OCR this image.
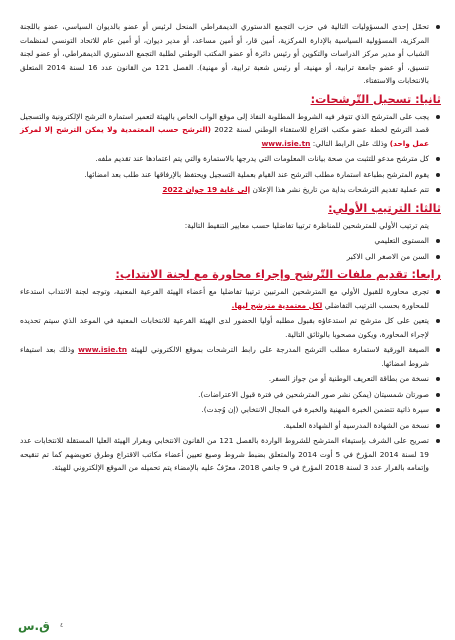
تحمّل إحدى المسؤوليات التالية في حزب التجمع الدستوري الديمقراطي المنحل لرئيس أو عضو بالديوان السياسي، عضو باللجنة المركزية، المسؤولية السياسية بالإدارة المركزية، أمين قار، أو أمين مساعد، أو مدير ديوان، أو أمين عام للاتحاد التونسي لمنظمات الشباب أو مدير مركز الدراسات والتكوين أو رئيس دائرة أو عضو المكتب الوطني لطلبة التجمع الدستوري الديمقراطي، أو عضو لجنة تنسيق، أو عضو جامعة ترابية، أو مهنية، أو رئيس شعبة ترابية، أو مهنية). الفصل 121 من القانون عدد 16 لسنة 2014 المتعلق بالانتخابات والاستفتاء.
ثانيا: تسجيل التّرشحات:
يجب على المترشح الذي تتوفر فيه الشروط المطلوبة النفاذ إلى موقع الواب الخاص بالهيئة لتعمير استمارة الترشح الإلكترونية والتسجيل قصد الترشح لخطة عضو مكتب اقتراع للاستفتاء الوطني لسنة 2022 (الترشح حسب المعتمدية ولا يمكن الترشح إلا لمركز عمل واحد) وذلك على الرابط التالي: www.isie.tn
كل مترشح مدعو للتثبت من صحة بيانات المعلومات التي يدرجها بالاستمارة والتي يتم اعتمادها عند تقديم ملفه.
يقوم المترشح بطباعة استمارة مطلب الترشح عند القيام بعملية التسجيل ويحتفظ بالإرفاقها عند طلب بعد امضائها.
تتم عملية تقديم الترشحات بداية من تاريخ نشر هذا الإعلان إلى غاية 19 جوان 2022
ثالثا: الترتيب الأولي:
يتم ترتيب الأولي للمترشحين للمناظرة ترتيبا تفاضليا حسب معايير التنقيط التالية:
المستوى التعليمي
السن من الاصغر الى الاكبر
رابعا: تقديم ملفات التّرشح وإجراء محاورة مع لجنة الانتداب:
تجرى محاورة للقبول الأولي مع المترشحين المرتبين ترتيبا تفاضليا مع أعضاء الهيئة الفرعية المعنية، وتوجه لجنة الانتداب استدعاء للمحاورة بحسب الترتيب التفاضلي لكل معتمدية مترشح ليها.
يتعين على كل مترشح تم استدعاؤه بقبول مطلبه أوليا الحضور لدى الهيئة الفرعية للانتخابات المعنية في الموعد الذي سيتم تحديده لإجراء المحاورة، ويكون مصحوبا بالوثائق التالية.
الصيغة الورقية لاستمارة مطلب الترشح المدرجة على رابط الترشحات بموقع الالكتروني للهيئة www.isie.tn وذلك بعد استيفاء شروط امضائها.
نسخة من بطاقة التعريف الوطنية أو من جواز السفر.
صورتان شمسيتان (يمكن نشر صور المترشحين في فترة قبول الاعتراضات).
سيرة ذاتية تتضمن الخبرة المهنية والخبرة في المجال الانتخابي (إن وُجدت).
نسخة من الشهادة المدرسية أو الشهادة العلمية.
تصريح على الشرف بإستيفاء المترشح للشروط الواردة بالفصل 121 من القانون الانتخابي وبقرار الهيئة العليا المستقلة للانتخابات عدد 19 لسنة 2014 المؤرخ في 5 أوت 2014 والمتعلق بضبط شروط وصيغ تعيين أعضاء مكاتب الاقتراع وطرق تعويضهم كما تم تنقيحه وإتمامه بالقرار عدد 3 لسنة 2018 المؤرخ في 9 جانفي 2018، معرّفٌ عليه بالإمضاء يتم تحميله من الموقع الإلكتروني للهيئة.
ق.س ٤
